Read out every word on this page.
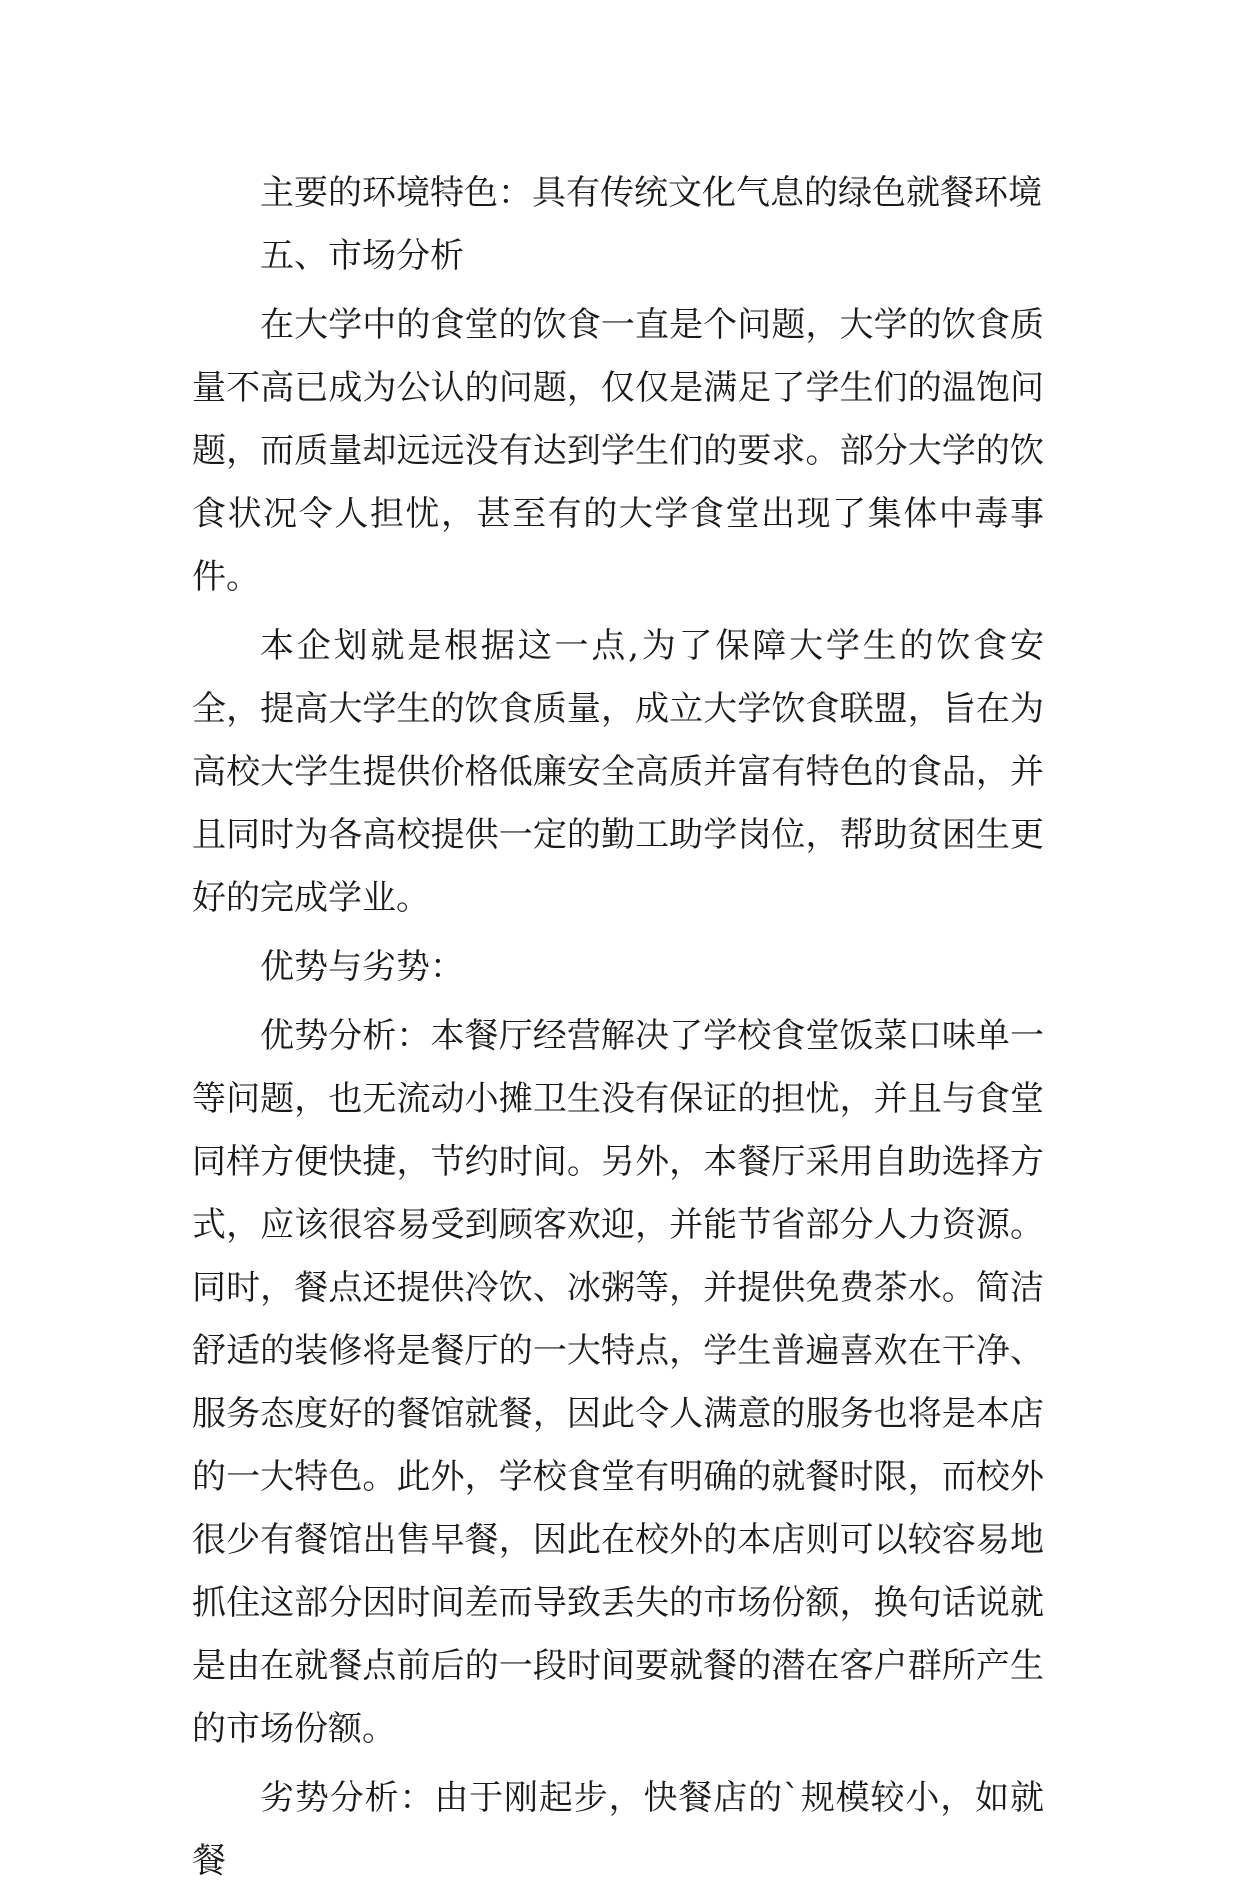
主要的环境特色：具有传统文化气息的绿色就餐环境

五、市场分析

在大学中的食堂的饮食一直是个问题，大学的饮食质量不高已成为公认的问题，仅仅是满足了学生们的温饱问题，而质量却远远没有达到学生们的要求。部分大学的饮食状况令人担忧，甚至有的大学食堂出现了集体中毒事件。

本企划就是根据这一点,为了保障大学生的饮食安全，提高大学生的饮食质量，成立大学饮食联盟，旨在为高校大学生提供价格低廉安全高质并富有特色的食品，并且同时为各高校提供一定的勤工助学岗位，帮助贫困生更好的完成学业。

优势与劣势：

优势分析：本餐厅经营解决了学校食堂饭菜口味单一等问题，也无流动小摊卫生没有保证的担忧，并且与食堂同样方便快捷，节约时间。另外，本餐厅采用自助选择方式，应该很容易受到顾客欢迎，并能节省部分人力资源。同时，餐点还提供冷饮、冰粥等，并提供免费茶水。简洁舒适的装修将是餐厅的一大特点，学生普遍喜欢在干净、服务态度好的餐馆就餐，因此令人满意的服务也将是本店的一大特色。此外，学校食堂有明确的就餐时限，而校外很少有餐馆出售早餐，因此在校外的本店则可以较容易地抓住这部分因时间差而导致丢失的市场份额，换句话说就是由在就餐点前后的一段时间要就餐的潜在客户群所产生的市场份额。

劣势分析：由于刚起步，快餐店的`规模较小，如就餐
